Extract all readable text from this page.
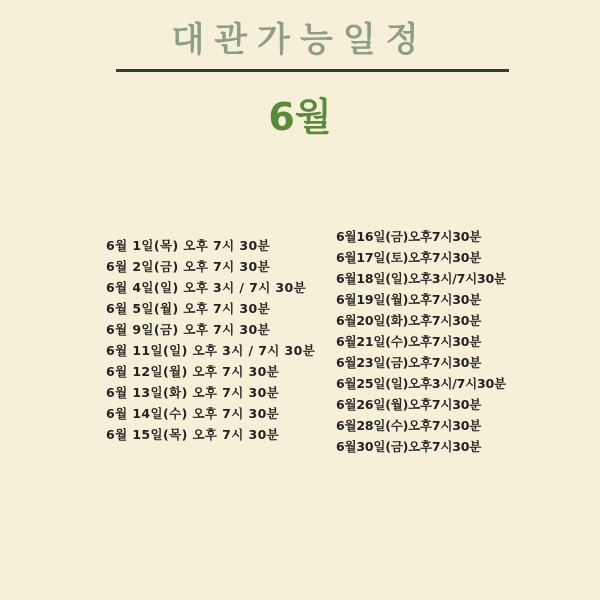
대관가능일정
6월
6월 1일(목) 오후 7시 30분
6월 2일(금) 오후 7시 30분
6월 4일(일) 오후 3시 / 7시 30분
6월 5일(월) 오후 7시 30분
6월 9일(금) 오후 7시 30분
6월 11일(일) 오후 3시 / 7시 30분
6월 12일(월) 오후 7시 30분
6월 13일(화) 오후 7시 30분
6월 14일(수) 오후 7시 30분
6월 15일(목) 오후 7시 30분
6월16일(금)오후7시30분
6월17일(토)오후7시30분
6월18일(일)오후3시/7시30분
6월19일(월)오후7시30분
6월20일(화)오후7시30분
6월21일(수)오후7시30분
6월23일(금)오후7시30분
6월25일(일)오후3시/7시30분
6월26일(월)오후7시30분
6월28일(수)오후7시30분
6월30일(금)오후7시30분
